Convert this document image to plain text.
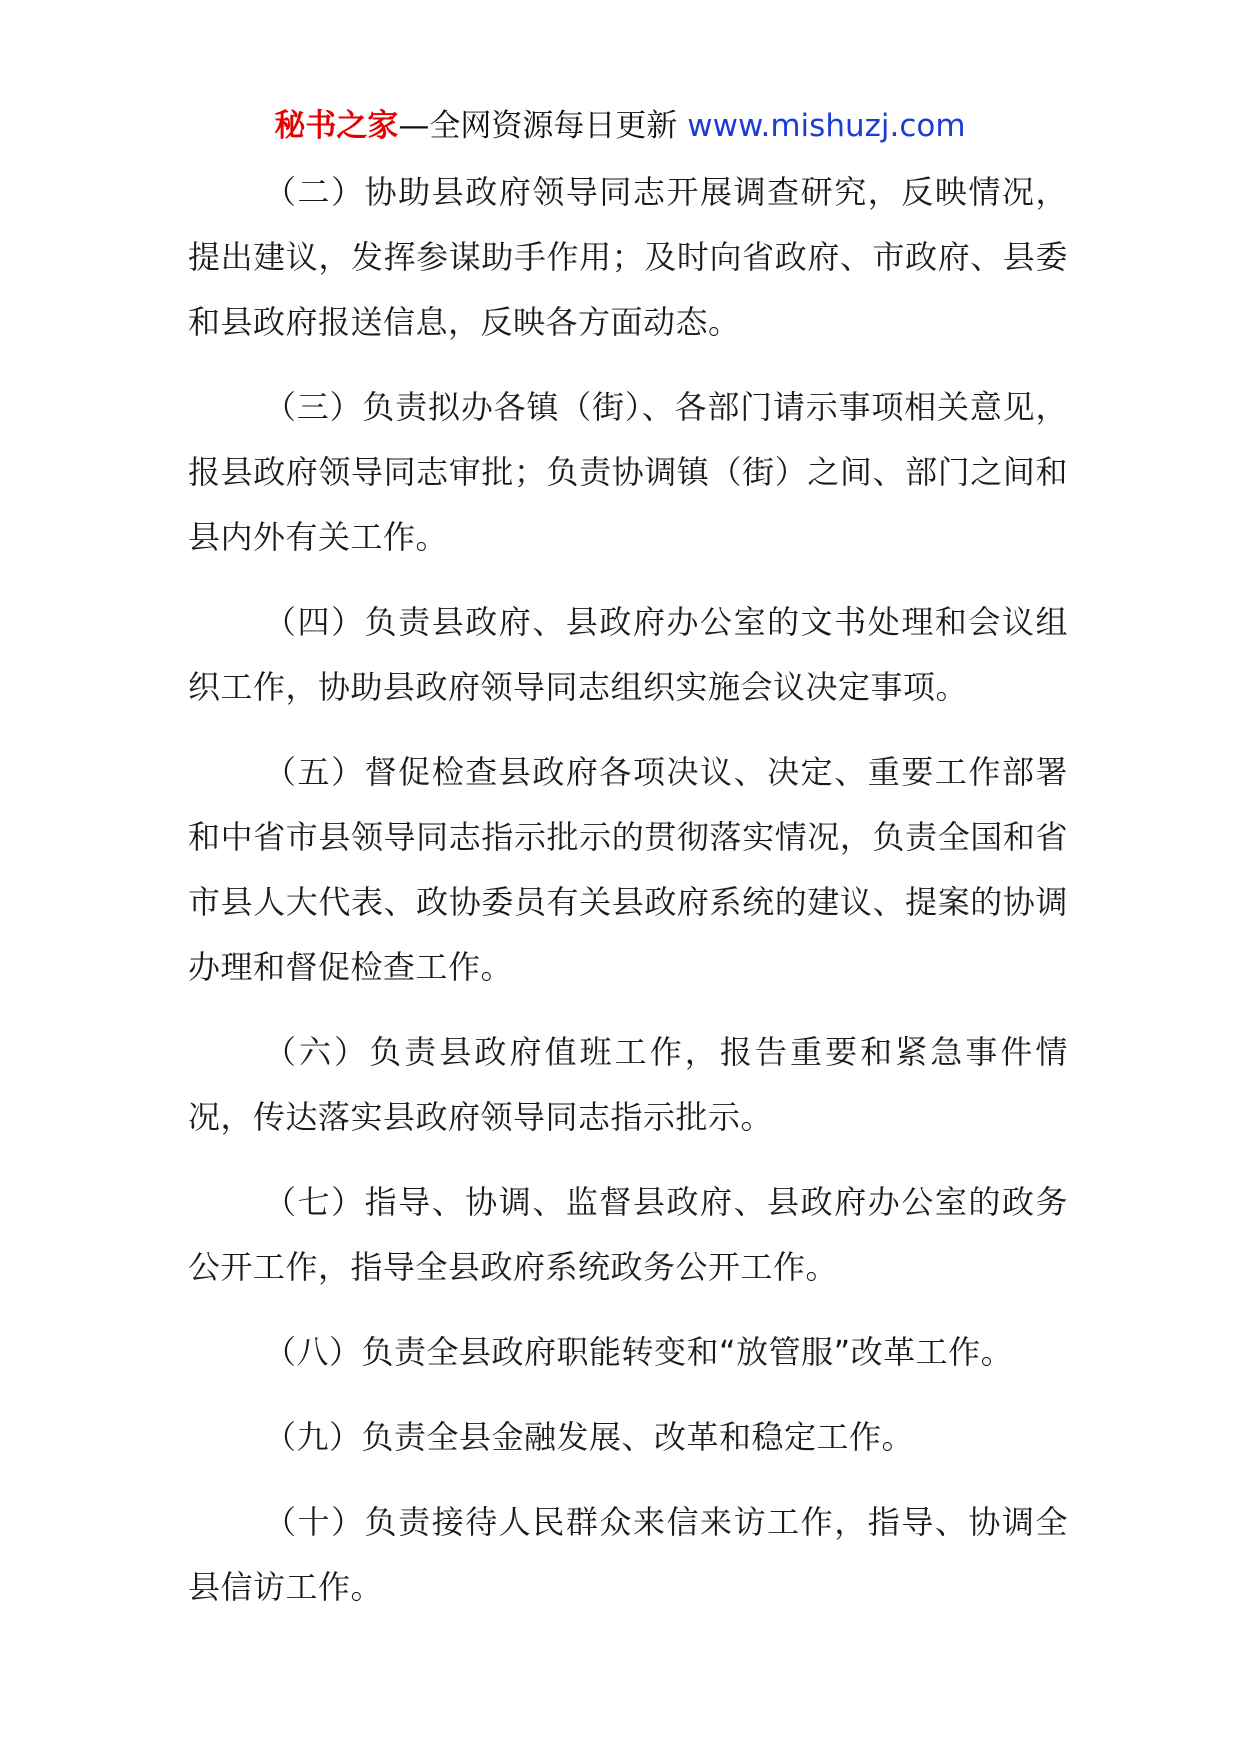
秘书之家—全网资源每日更新 www.mishuzj.com

（二）协助县政府领导同志开展调查研究，反映情况，提出建议，发挥参谋助手作用；及时向省政府、市政府、县委和县政府报送信息，反映各方面动态。

（三）负责拟办各镇（街）、各部门请示事项相关意见，报县政府领导同志审批；负责协调镇（街）之间、部门之间和县内外有关工作。

（四）负责县政府、县政府办公室的文书处理和会议组织工作，协助县政府领导同志组织实施会议决定事项。

（五）督促检查县政府各项决议、决定、重要工作部署和中省市县领导同志指示批示的贯彻落实情况，负责全国和省市县人大代表、政协委员有关县政府系统的建议、提案的协调办理和督促检查工作。

（六）负责县政府值班工作，报告重要和紧急事件情况，传达落实县政府领导同志指示批示。

（七）指导、协调、监督县政府、县政府办公室的政务公开工作，指导全县政府系统政务公开工作。

（八）负责全县政府职能转变和“放管服”改革工作。

（九）负责全县金融发展、改革和稳定工作。

（十）负责接待人民群众来信来访工作，指导、协调全县信访工作。
